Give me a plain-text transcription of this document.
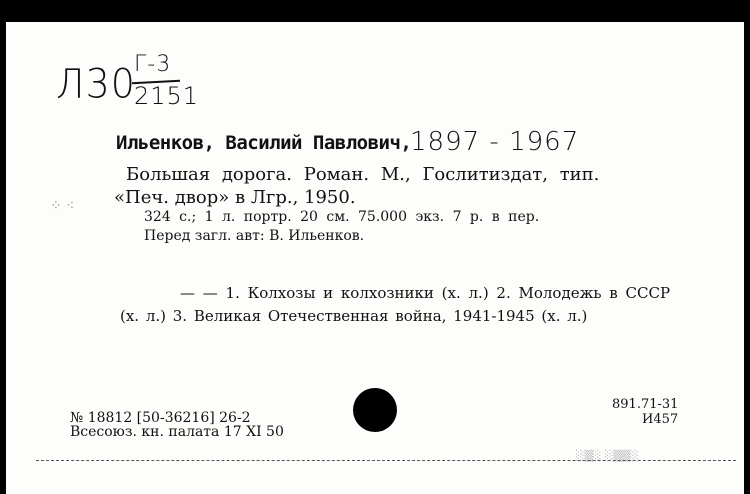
Л30
Г-3
2151
Ильенков, Василий Павлович,
1897 - 1967
Большая дорога. Роман. М., Гослитиздат, тип.
«Печ. двор» в Лгр., 1950.
324 с.; 1 л. портр. 20 см. 75.000 экз. 7 р. в пер.
Перед загл. авт: В. Ильенков.
⁘ ⁖
— — 1. Колхозы и колхозники (х. л.) 2. Молодежь в СССР
(х. л.) 3. Великая Отечественная война, 1941-1945 (х. л.)
№ 18812 [50-36216] 26-2
Всесоюз. кн. палата 17 XI 50
891.71-31
И457
░▒░ ░▒▒░
